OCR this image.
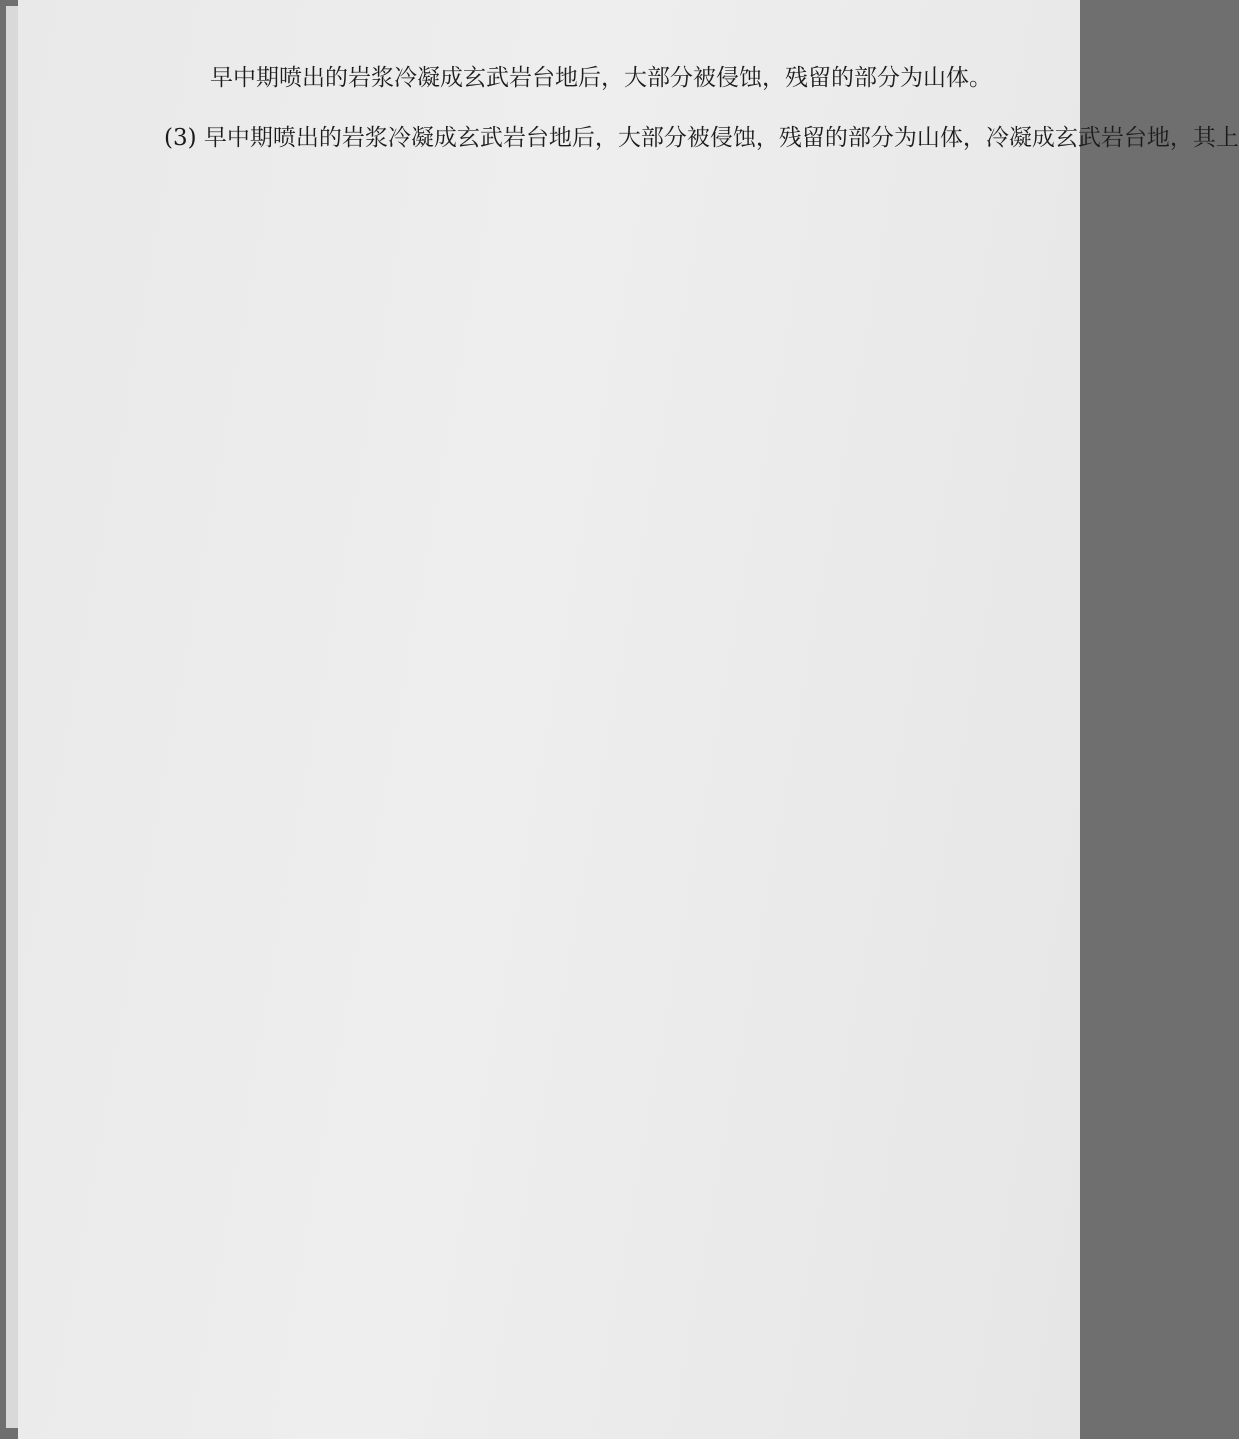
早中期喷出的岩浆冷凝成玄武岩台地后，大部分被侵蚀，残留的部分为山体。
(3) 早中期喷出的岩浆冷凝成玄武岩台地后，大部分被侵蚀，残留的部分为山体，冷凝成玄武岩台地，其上
